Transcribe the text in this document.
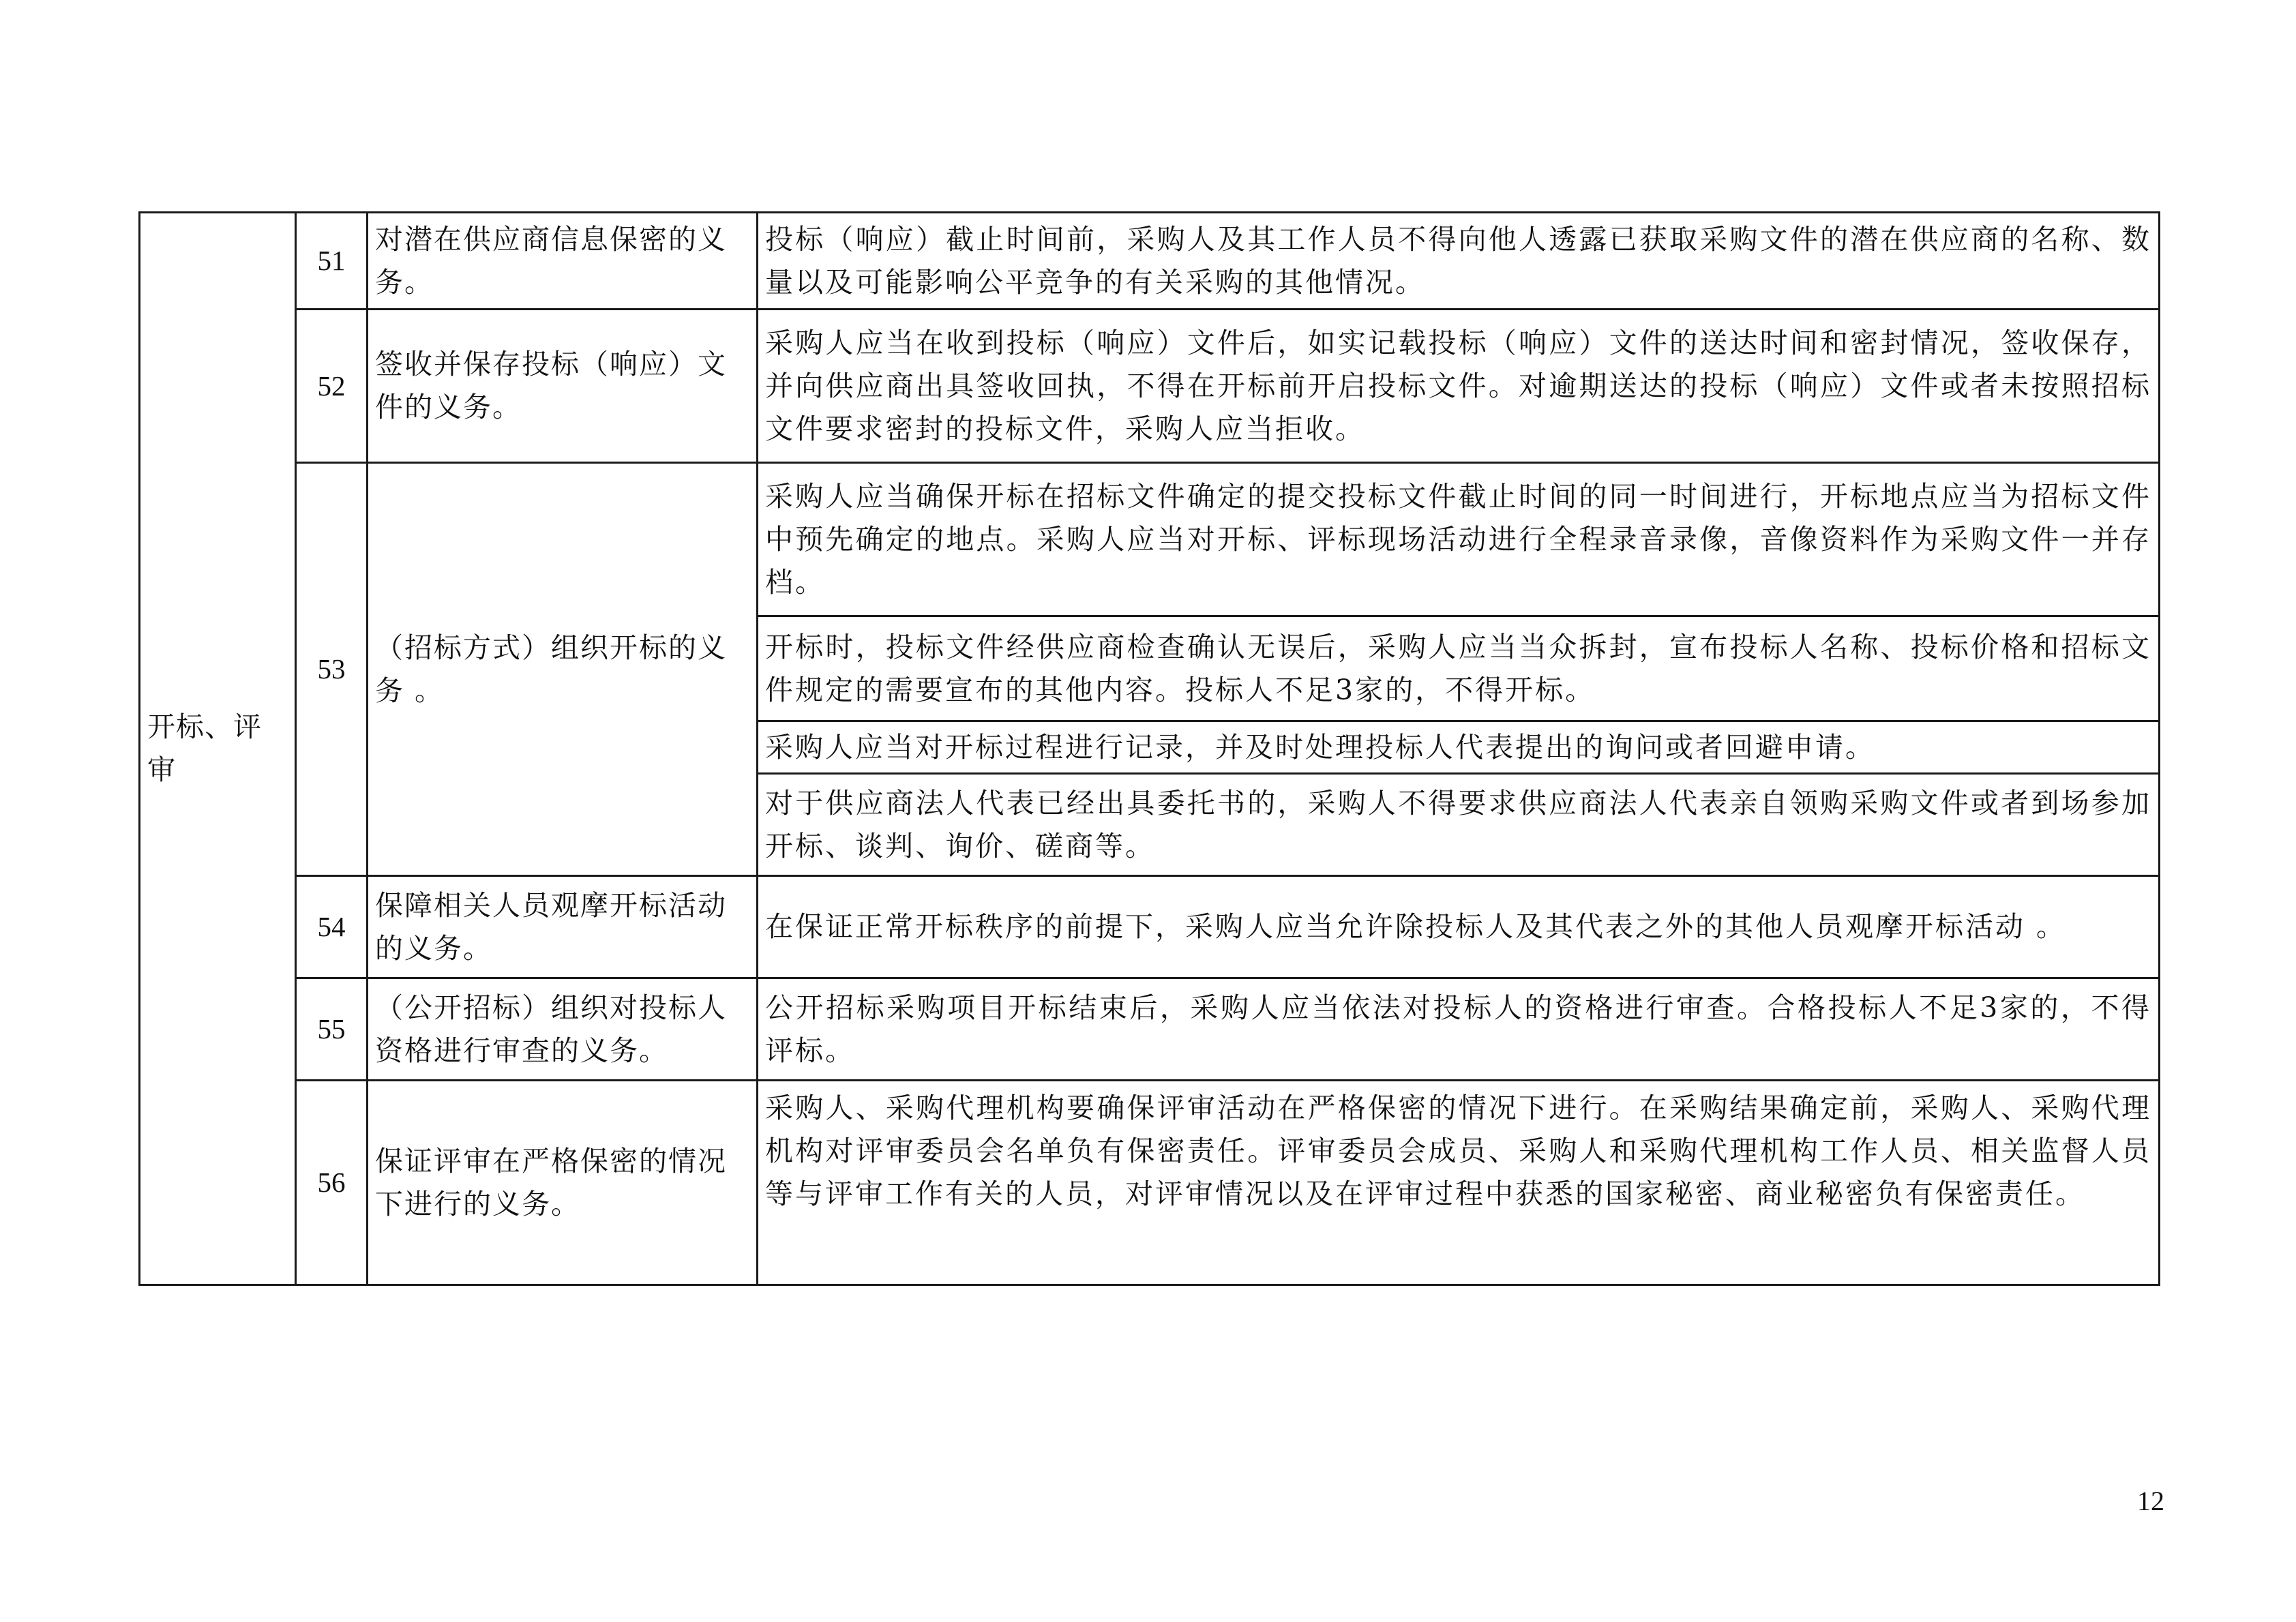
开标、评审	51	对潜在供应商信息保密的义 务。	投标（响应）截止时间前，采购人及其工作人员不得向他人透露已获取采购文件的潜在供应商的名称、数量以及可能影响公平竞争的有关采购的其他情况。
	52	签收并保存投标（响应）文件的义务。	采购人应当在收到投标（响应）文件后，如实记载投标（响应）文件的送达时间和密封情况，签收保存，并向供应商出具签收回执，不得在开标前开启投标文件。对逾期送达的投标（响应）文件或者未按照招标文件要求密封的投标文件，采购人应当拒收。
	53	（招标方式）组织开标的义务 。	采购人应当确保开标在招标文件确定的提交投标文件截止时间的同一时间进行，开标地点应当为招标文件中预先确定的地点。采购人应当对开标、评标现场活动进行全程录音录像，音像资料作为采购文件一并存档。
			开标时，投标文件经供应商检查确认无误后，采购人应当当众拆封，宣布投标人名称、投标价格和招标文件规定的需要宣布的其他内容。投标人不足3家的，不得开标。
			采购人应当对开标过程进行记录，并及时处理投标人代表提出的询问或者回避申请。
			对于供应商法人代表已经出具委托书的，采购人不得要求供应商法人代表亲自领购采购文件或者到场参加开标、谈判、询价、磋商等。
	54	保障相关人员观摩开标活动的义务。	在保证正常开标秩序的前提下，采购人应当允许除投标人及其代表之外的其他人员观摩开标活动 。
	55	（公开招标）组织对投标人资格进行审查的义务。	公开招标采购项目开标结束后，采购人应当依法对投标人的资格进行审查。合格投标人不足3家的，不得评标。
	56	保证评审在严格保密的情况下进行的义务。	采购人、采购代理机构要确保评审活动在严格保密的情况下进行。在采购结果确定前，采购人、采购代理机构对评审委员会名单负有保密责任。评审委员会成员、采购人和采购代理机构工作人员、相关监督人员等与评审工作有关的人员，对评审情况以及在评审过程中获悉的国家秘密、商业秘密负有保密责任。
12
